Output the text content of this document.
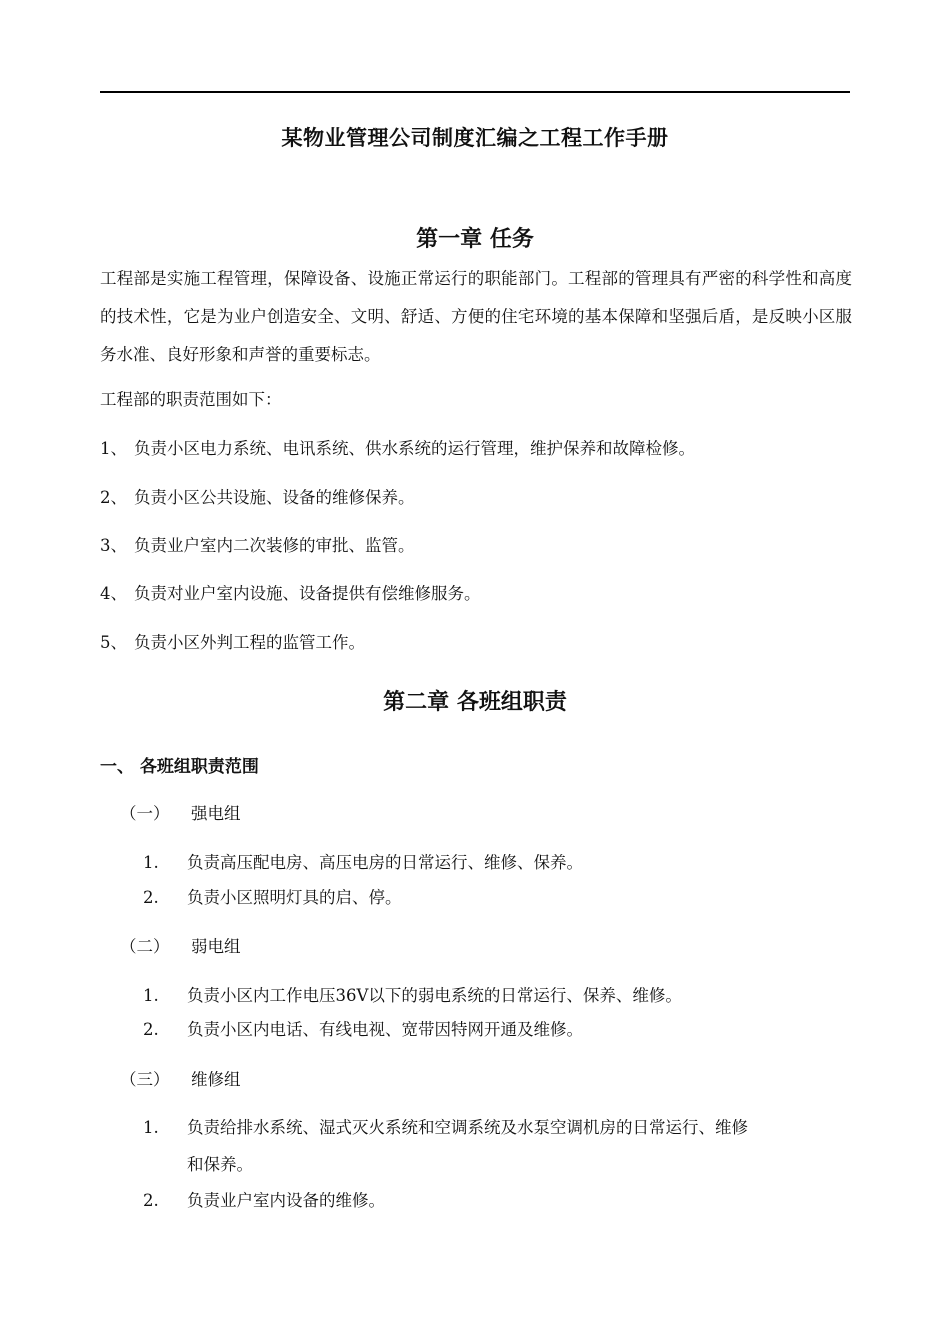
某物业管理公司制度汇编之工程工作手册
第一章 任务

工程部是实施工程管理，保障设备、设施正常运行的职能部门。工程部的管理具有严密的科学性和高度的技术性，它是为业户创造安全、文明、舒适、方便的住宅环境的基本保障和坚强后盾，是反映小区服务水准、良好形象和声誉的重要标志。

工程部的职责范围如下：

1、 负责小区电力系统、电讯系统、供水系统的运行管理，维护保养和故障检修。
2、 负责小区公共设施、设备的维修保养。
3、 负责业户室内二次装修的审批、监管。
4、 负责对业户室内设施、设备提供有偿维修服务。
5、 负责小区外判工程的监管工作。
第二章 各班组职责
一、 各班组职责范围
（一） 强电组
1. 负责高压配电房、高压电房的日常运行、维修、保养。
2. 负责小区照明灯具的启、停。
（二） 弱电组
1. 负责小区内工作电压36V以下的弱电系统的日常运行、保养、维修。
2. 负责小区内电话、有线电视、宽带因特网开通及维修。
（三） 维修组
1. 负责给排水系统、湿式灭火系统和空调系统及水泵空调机房的日常运行、维修
和保养。
2. 负责业户室内设备的维修。
